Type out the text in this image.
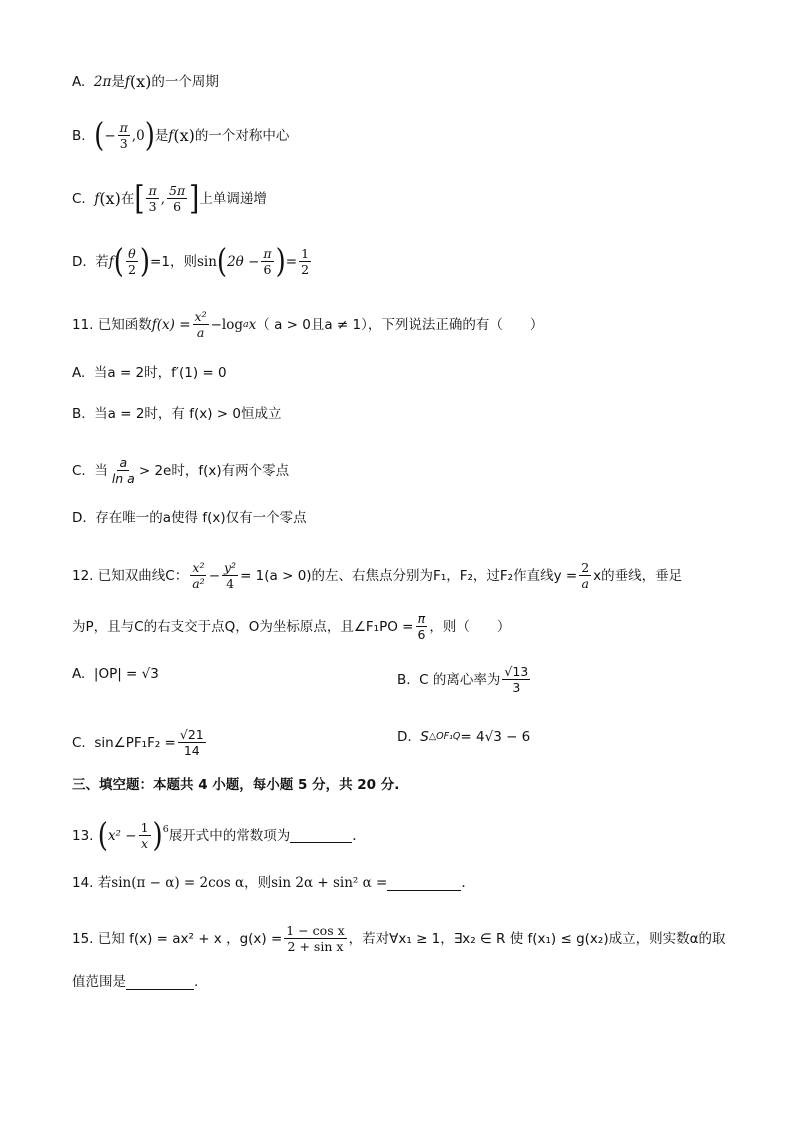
A.
2π 是 f (x) 的一个周期
B.
( − $\frac{\pi}{3} ,0$ ) 是 f (x) 的一个对称中心
C.
f (x) 在 [ $\frac{\pi}{3}$ , $\frac{5\pi}{6}$ ] 上单调递增
D.
若 f ( $\frac{\theta}{2}$ ) =1，则 sin ( $2\theta - \frac{\pi}{6}$ ) = $\frac{1}{2}$
11.
已知函数 $f(x) = \frac{\text{x²}}{a} -\log$ a x （ a > 0且a ≠ 1），下列说法正确的有（　　）
A.
当a = 2时，f′(1) = 0
B.
当a = 2时，有 f(x) > 0恒成立
C.
当 $\frac{a}{\text{ln a}} > 2e$时，f(x)有两个零点
D.
存在唯一的a使得 f(x)仅有一个零点
12.
已知双曲线C： $\frac{\text{x²}}{\text{a²}} - \frac{\text{y²}}{4} = 1(a > 0)$的左、右焦点分别为F₁，F₂，过F₂作直线$y = \frac{2}{a}$ x的垂线，垂足
为P，且与C的右支交于点Q，O为坐标原点，且∠F₁PO = $\frac{\pi}{6}$ ，则（　　）
A.
|OP| = √3	B.
C 的离心率为 $\frac{√13}{3}$
C.
sin∠PF₁F₂ = $\frac{√21}{14}$	D.
S △OF₁Q = 4√3 − 6
三、填空题：本题共 4 小题，每小题 5 分，共 20 分.
13.
( $x^2 - \frac{1}{x}$ ) 6 展开式中的常数项为	.
14.
若sin(π − α) = 2cos α，则sin 2α + sin² α =	.
15.
已知 f(x) = ax² + x ，$g(x) = \frac{\text{1 − cos x}}{\text{2 + sin x}}$ ，若对∀x₁ ≥ 1，∃x₂ ∈ R 使 f(x₁) ≤ g(x₂)成立，则实数α的取
值范围是	.
